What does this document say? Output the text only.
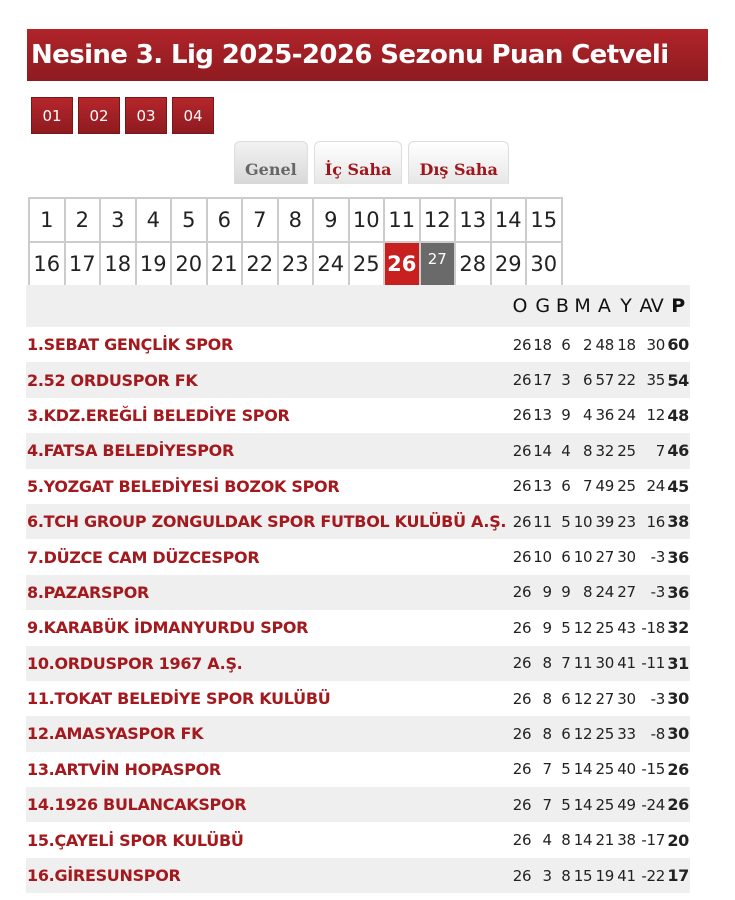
Nesine 3. Lig 2025-2026 Sezonu Puan Cetveli
01	02	03	04
Genel	İç Saha	Dış Saha
1	2	3	4	5	6	7	8	9 10 11 12 13 14 15
16 17 18 19 20 21 22 23 24 25 26 27 28 29 30
	O	G	B	M	A	Y	AV	P
1.SEBAT GENÇLİK SPOR	26	18	6	2	48	18	30	60
2.52 ORDUSPOR FK	26	17	3	6	57	22	35	54
3.KDZ.EREĞLİ BELEDİYE SPOR	26	13	9	4	36	24	12	48
4.FATSA BELEDİYESPOR	26	14	4	8	32	25	7	46
5.YOZGAT BELEDİYESİ BOZOK SPOR	26	13	6	7	49	25	24	45
6.TCH GROUP ZONGULDAK SPOR FUTBOL KULÜBÜ A.Ş.	26	11	5	10	39	23	16	38
7.DÜZCE CAM DÜZCESPOR	26	10	6	10	27	30	-3	36
8.PAZARSPOR	26	9	9	8	24	27	-3	36
9.KARABÜK İDMANYURDU SPOR	26	9	5	12	25	43	-18	32
10.ORDUSPOR 1967 A.Ş.	26	8	7	11	30	41	-11	31
11.TOKAT BELEDİYE SPOR KULÜBÜ	26	8	6	12	27	30	-3	30
12.AMASYASPOR FK	26	8	6	12	25	33	-8	30
13.ARTVİN HOPASPOR	26	7	5	14	25	40	-15	26
14.1926 BULANCAKSPOR	26	7	5	14	25	49	-24	26
15.ÇAYELİ SPOR KULÜBÜ	26	4	8	14	21	38	-17	20
16.GİRESUNSPOR	26	3	8	15	19	41	-22	17
